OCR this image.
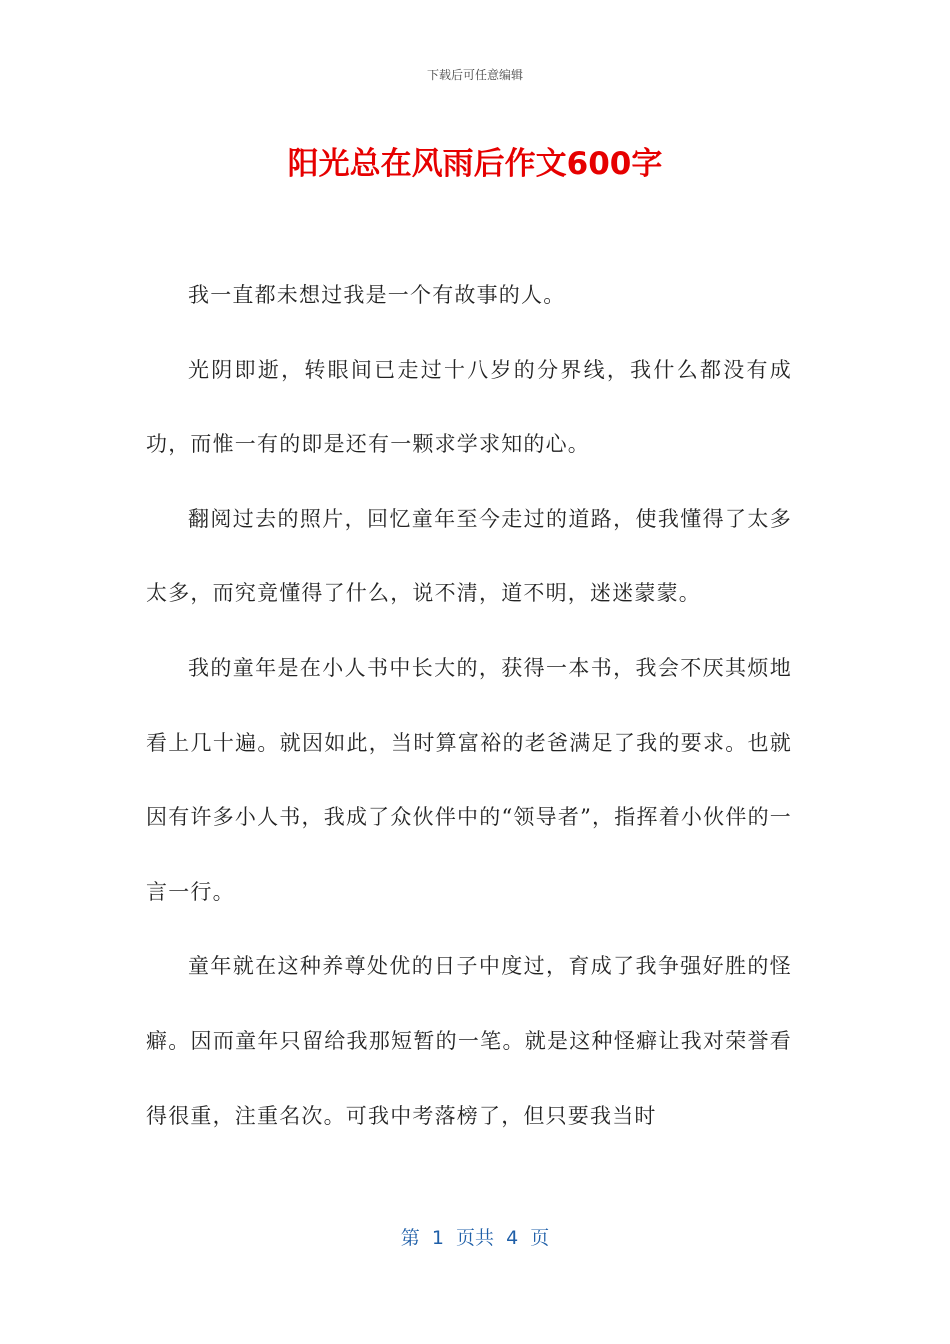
下载后可任意编辑
阳光总在风雨后作文600字

我一直都未想过我是一个有故事的人。

光阴即逝，转眼间已走过十八岁的分界线，我什么都没有成功，而惟一有的即是还有一颗求学求知的心。

翻阅过去的照片，回忆童年至今走过的道路，使我懂得了太多太多，而究竟懂得了什么，说不清，道不明，迷迷蒙蒙。

我的童年是在小人书中长大的，获得一本书，我会不厌其烦地看上几十遍。就因如此，当时算富裕的老爸满足了我的要求。也就因有许多小人书，我成了众伙伴中的“领导者”，指挥着小伙伴的一言一行。

童年就在这种养尊处优的日子中度过，育成了我争强好胜的怪癖。因而童年只留给我那短暂的一笔。就是这种怪癖让我对荣誉看得很重，注重名次。可我中考落榜了，但只要我当时

第  1  页共  4  页
